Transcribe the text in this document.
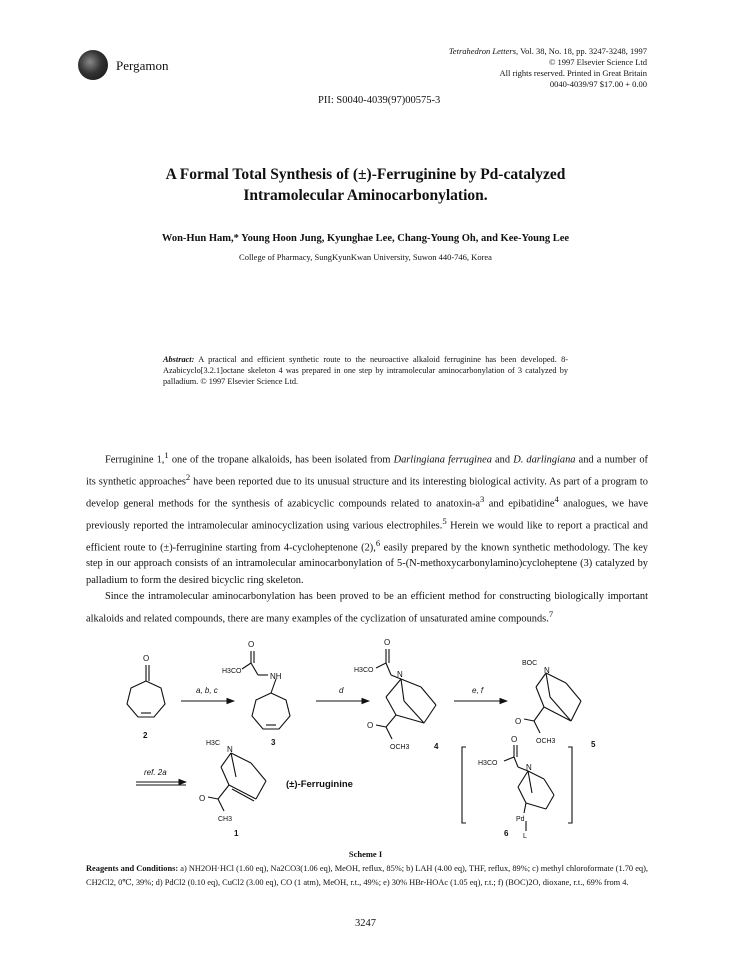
Pergamon
Tetrahedron Letters, Vol. 38, No. 18, pp. 3247-3248, 1997
© 1997 Elsevier Science Ltd
All rights reserved. Printed in Great Britain
0040-4039/97 $17.00 + 0.00
PII: S0040-4039(97)00575-3
A Formal Total Synthesis of (±)-Ferruginine by Pd-catalyzed
Intramolecular Aminocarbonylation.
Won-Hun Ham,* Young Hoon Jung, Kyunghae Lee, Chang-Young Oh, and Kee-Young Lee
College of Pharmacy, SungKyunKwan University, Suwon 440-746, Korea
Abstract: A practical and efficient synthetic route to the neuroactive alkaloid ferruginine has been developed. 8-Azabicyclo[3.2.1]octane skeleton 4 was prepared in one step by intramolecular aminocarbonylation of 3 catalyzed by palladium. © 1997 Elsevier Science Ltd.

Ferruginine 1,$^1$ one of the tropane alkaloids, has been isolated from Darlingiana ferruginea and D. darlingiana and a number of its synthetic approaches$^2$ have been reported due to its unusual structure and its interesting biological activity. As part of a program to develop general methods for the synthesis of azabicyclic compounds related to anatoxin-$a^3$ and epibatidine$^4$ analogues, we have previously reported the intramolecular aminocyclization using various electrophiles.$^5$ Herein we would like to report a practical and efficient route to (±)-ferruginine starting from 4-cycloheptenone (2),$^6$ easily prepared by the known synthetic methodology. The key step in our approach consists of an intramolecular aminocarbonylation of 5-(N-methoxycarbonylamino)cycloheptene (3) catalyzed by palladium to form the desired bicyclic ring skeleton.

Since the intramolecular aminocarbonylation has been proved to be an efficient method for constructing biologically important alkaloids and related compounds, there are many examples of the cyclization of unsaturated amine compounds.$^7$

O
2
a, b, c
O
H3CO
NH
3
d
O
H3CO	N
O
OCH3	4
e, f
BOC
N
O
OCH3	5
ref. 2a
H3C
N
O
CH3
1
(±)-Ferruginine
O
H3CO	N
Pd
L
6
Scheme I
Reagents and Conditions: a) NH2OH·HCl (1.60 eq), Na2CO3(1.06 eq), MeOH, reflux, 85%; b) LAH (4.00 eq), THF, reflux, 89%; c) methyl chloroformate (1.70 eq), CH2Cl2, 0℃, 39%; d) PdCl2 (0.10 eq), CuCl2 (3.00 eq), CO (1 atm), MeOH, r.t., 49%; e) 30% HBr-HOAc (1.05 eq), r.t.; f) (BOC)2O, dioxane, r.t., 69% from 4.
3247
